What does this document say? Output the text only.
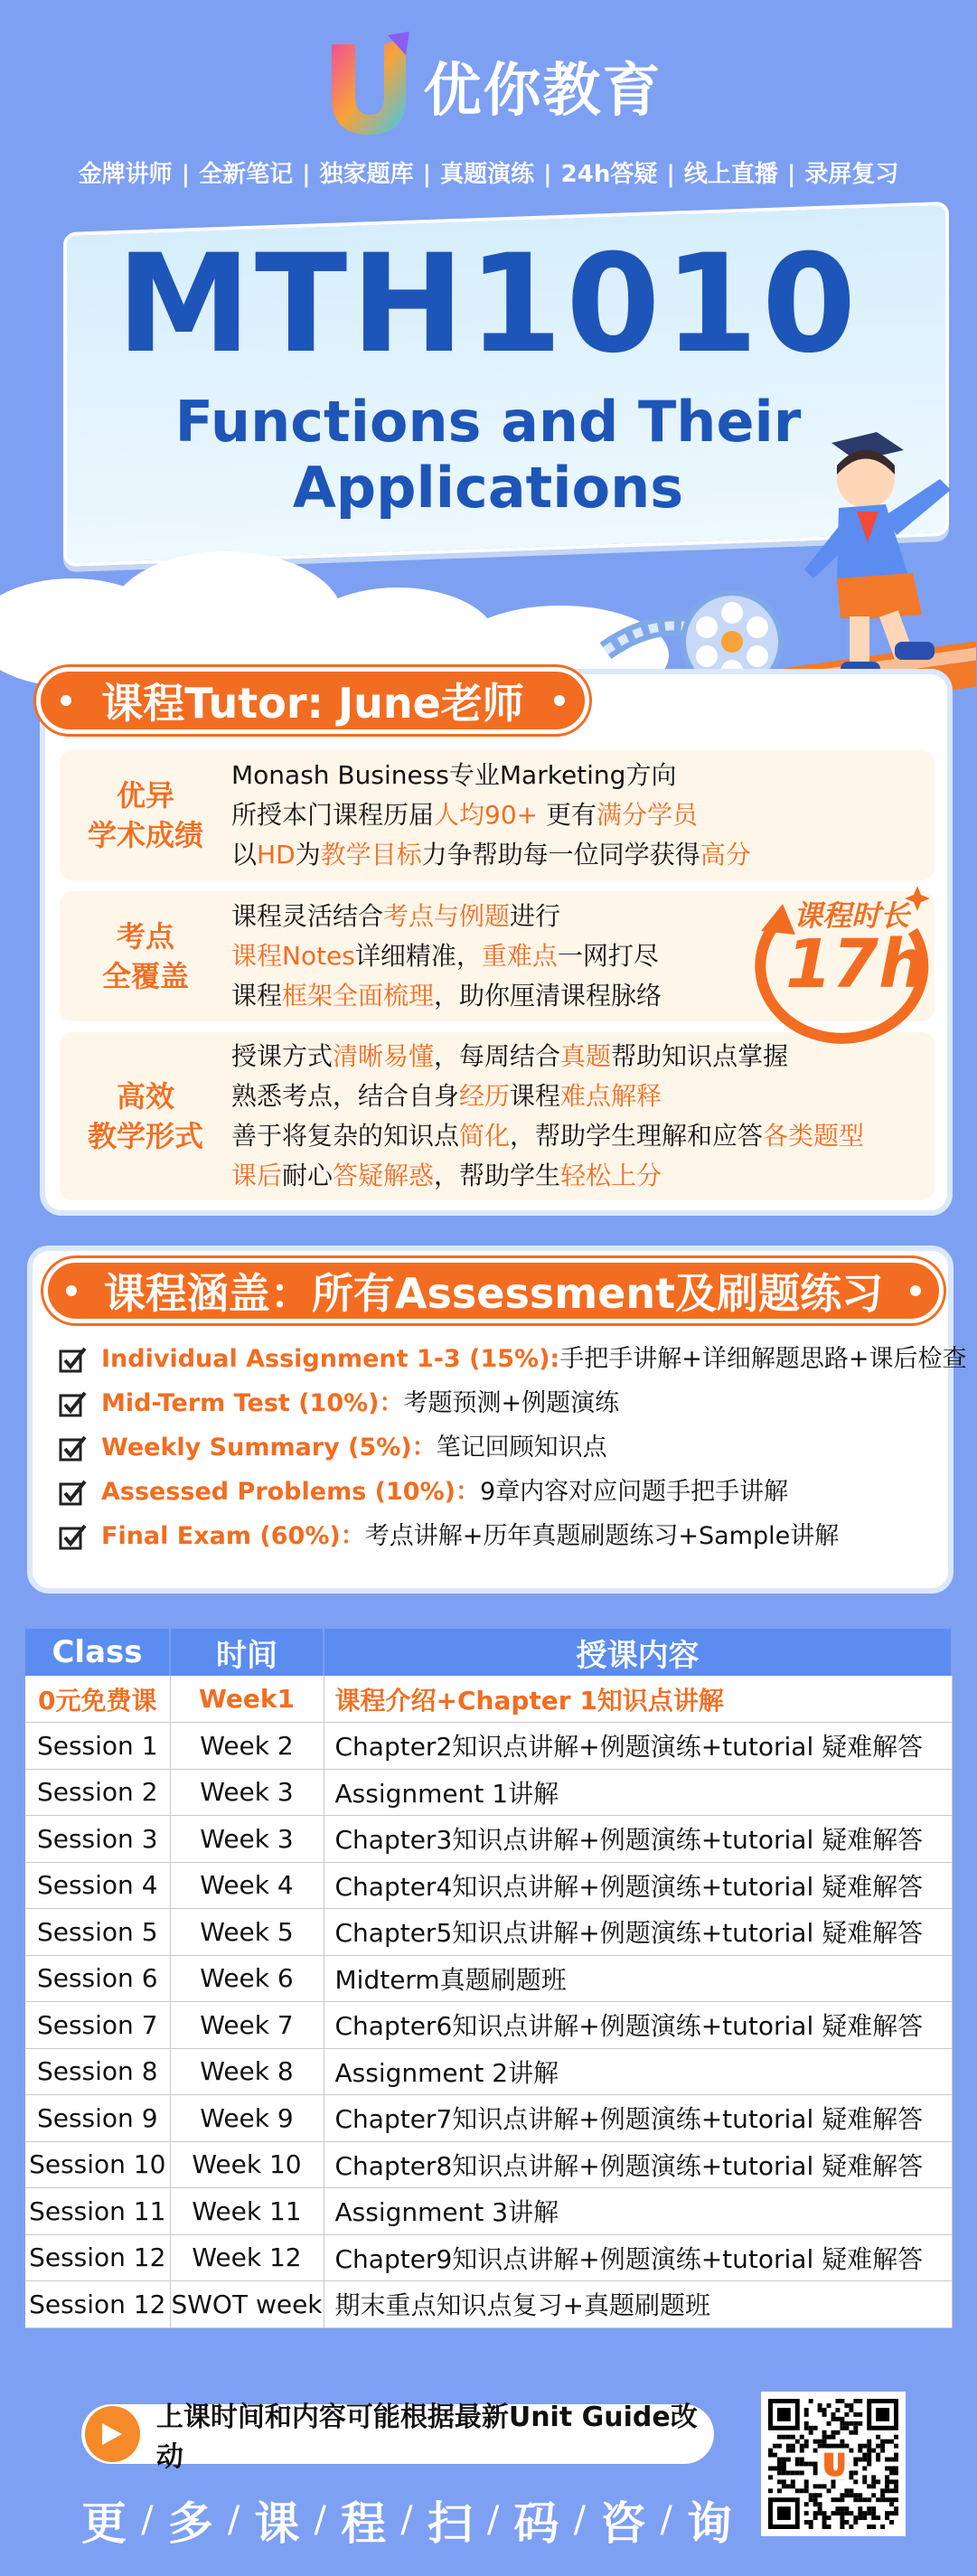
优你教育
金牌讲师 | 全新笔记 | 独家题库 | 真题演练 | 24h答疑 | 线上直播 | 录屏复习
MTH1010
Functions and Their
Applications
课程Tutor: June老师
优异
学术成绩
Monash Business专业Marketing方向
所授本门课程历届人均90+ 更有满分学员
以HD为教学目标力争帮助每一位同学获得高分
考点
全覆盖
课程灵活结合考点与例题进行
课程Notes详细精准，重难点一网打尽
课程框架全面梳理，助你厘清课程脉络
高效
教学形式
授课方式清晰易懂，每周结合真题帮助知识点掌握
熟悉考点，结合自身经历课程难点解释
善于将复杂的知识点简化，帮助学生理解和应答各类题型
课后耐心答疑解惑，帮助学生轻松上分
课程时长
17h
课程涵盖：所有Assessment及刷题练习
Individual Assignment 1-3 (15%): 手把手讲解+详细解题思路+课后检查
Mid-Term Test (10%)： 考题预测+例题演练
Weekly Summary (5%)： 笔记回顾知识点
Assessed Problems (10%)： 9章内容对应问题手把手讲解
Final Exam (60%)： 考点讲解+历年真题刷题练习+Sample讲解
Class	时间	授课内容
0元免费课	Week1	课程介绍+Chapter 1知识点讲解
Session 1	Week 2	Chapter2知识点讲解+例题演练+tutorial 疑难解答
Session 2	Week 3	Assignment 1讲解
Session 3	Week 3	Chapter3知识点讲解+例题演练+tutorial 疑难解答
Session 4	Week 4	Chapter4知识点讲解+例题演练+tutorial 疑难解答
Session 5	Week 5	Chapter5知识点讲解+例题演练+tutorial 疑难解答
Session 6	Week 6	Midterm真题刷题班
Session 7	Week 7	Chapter6知识点讲解+例题演练+tutorial 疑难解答
Session 8	Week 8	Assignment 2讲解
Session 9	Week 9	Chapter7知识点讲解+例题演练+tutorial 疑难解答
Session 10	Week 10	Chapter8知识点讲解+例题演练+tutorial 疑难解答
Session 11	Week 11	Assignment 3讲解
Session 12	Week 12	Chapter9知识点讲解+例题演练+tutorial 疑难解答
Session 12	SWOT week	期末重点知识点复习+真题刷题班
上课时间和内容可能根据最新Unit Guide改动
更 / 多 / 课 / 程 / 扫 / 码 / 咨 / 询
